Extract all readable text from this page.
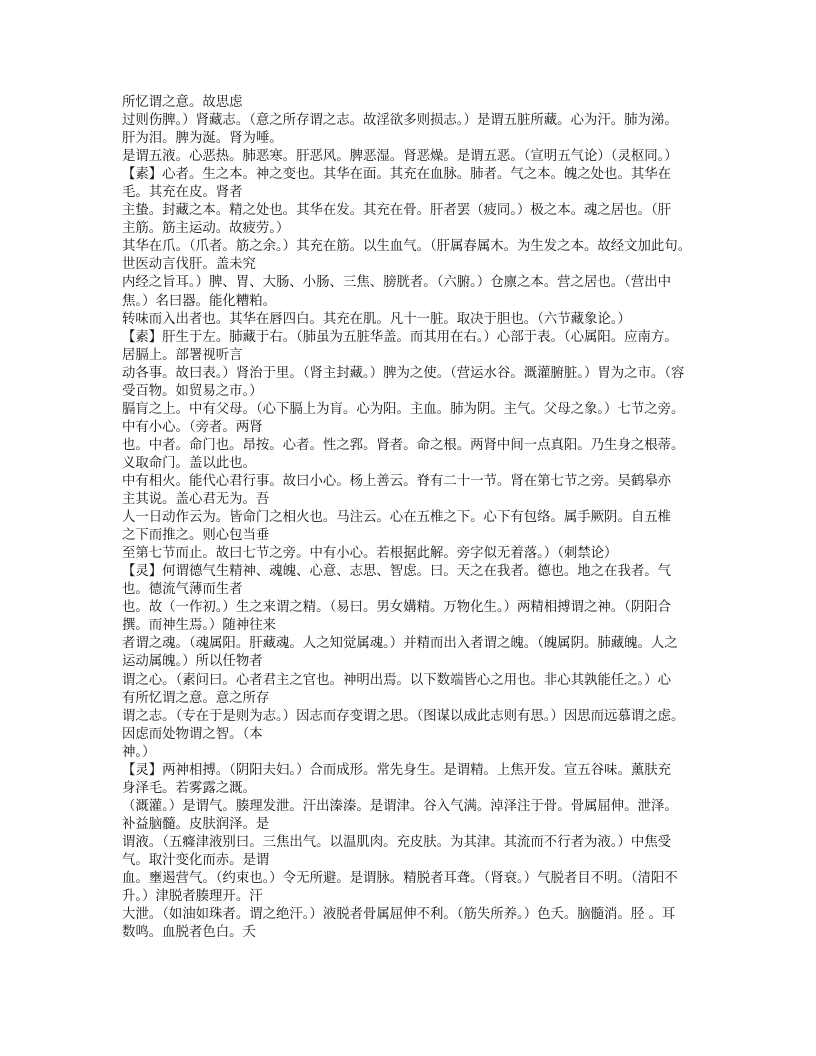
所忆谓之意。故思虑
过则伤脾。）肾藏志。（意之所存谓之志。故淫欲多则损志。）是谓五脏所藏。心为汗。肺为涕。
肝为泪。脾为涎。肾为唾。
是谓五液。心恶热。肺恶寒。肝恶风。脾恶湿。肾恶燥。是谓五恶。（宣明五气论）（灵枢同。）
【素】心者。生之本。神之变也。其华在面。其充在血脉。肺者。气之本。魄之处也。其华在
毛。其充在皮。肾者
主蛰。封藏之本。精之处也。其华在发。其充在骨。肝者罢（疲同。）极之本。魂之居也。（肝
主筋。筋主运动。故疲劳。）
其华在爪。（爪者。筋之余。）其充在筋。以生血气。（肝属春属木。为生发之本。故经文加此句。
世医动言伐肝。盖未究
内经之旨耳。）脾、胃、大肠、小肠、三焦、膀胱者。（六腑。）仓廪之本。营之居也。（营出中
焦。）名曰器。能化糟粕。
转味而入出者也。其华在唇四白。其充在肌。凡十一脏。取决于胆也。（六节藏象论。）
【素】肝生于左。肺藏于右。（肺虽为五脏华盖。而其用在右。）心部于表。（心属阳。应南方。
居膈上。部署视听言
动各事。故曰表。）肾治于里。（肾主封藏。）脾为之使。（营运水谷。溉灌腑脏。）胃为之市。（容
受百物。如贸易之市。）
膈肓之上。中有父母。（心下膈上为肓。心为阳。主血。肺为阴。主气。父母之象。）七节之旁。
中有小心。（旁者。两肾
也。中者。命门也。昂按。心者。性之郛。肾者。命之根。两肾中间一点真阳。乃生身之根蒂。
义取命门。盖以此也。
中有相火。能代心君行事。故曰小心。杨上善云。脊有二十一节。肾在第七节之旁。吴鹤皋亦
主其说。盖心君无为。吾
人一日动作云为。皆命门之相火也。马注云。心在五椎之下。心下有包络。属手厥阴。自五椎
之下而推之。则心包当垂
至第七节而止。故曰七节之旁。中有小心。若根据此解。旁字似无着落。）（刺禁论）
【灵】何谓德气生精神、魂魄、心意、志思、智虑。曰。天之在我者。德也。地之在我者。气
也。德流气薄而生者
也。故（一作初。）生之来谓之精。（易曰。男女媾精。万物化生。）两精相搏谓之神。（阴阳合
撰。而神生焉。）随神往来
者谓之魂。（魂属阳。肝藏魂。人之知觉属魂。）并精而出入者谓之魄。（魄属阴。肺藏魄。人之
运动属魄。）所以任物者
谓之心。（素问曰。心者君主之官也。神明出焉。以下数端皆心之用也。非心其孰能任之。）心
有所忆谓之意。意之所存
谓之志。（专在于是则为志。）因志而存变谓之思。（图谋以成此志则有思。）因思而远慕谓之虑。
因虑而处物谓之智。（本
神。）
【灵】两神相搏。（阴阳夫妇。）合而成形。常先身生。是谓精。上焦开发。宣五谷味。薰肤充
身泽毛。若雾露之溉。
（溉灌。）是谓气。腠理发泄。汗出溱溱。是谓津。谷入气满。淖泽注于骨。骨属屈伸。泄泽。
补益脑髓。皮肤润泽。是
谓液。（五癃津液别曰。三焦出气。以温肌肉。充皮肤。为其津。其流而不行者为液。）中焦受
气。取汁变化而赤。是谓
血。壅遏营气。（约束也。）令无所避。是谓脉。精脱者耳聋。（肾衰。）气脱者目不明。（清阳不
升。）津脱者腠理开。汗
大泄。（如油如珠者。谓之绝汗。）液脱者骨属屈伸不利。（筋失所养。）色夭。脑髓消。胫 。耳
数鸣。血脱者色白。夭
